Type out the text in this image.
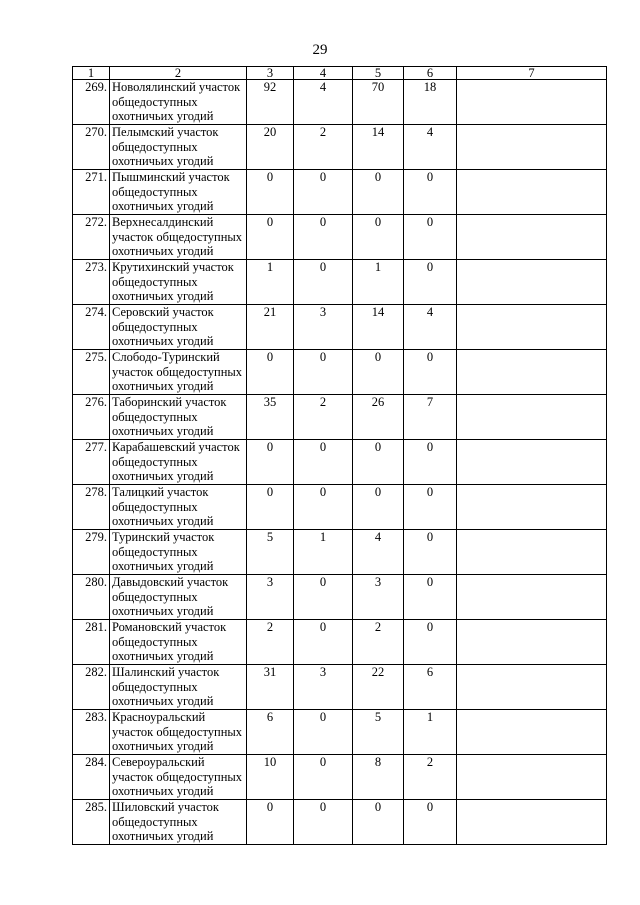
29
1	2	3	4	5	6	7
269.	Новолялинский участок общедоступных охотничьих угодий	92	4	70	18	
270.	Пелымский участок общедоступных охотничьих угодий	20	2	14	4	
271.	Пышминский участок общедоступных охотничьих угодий	0	0	0	0	
272.	Верхнесалдинский участок общедоступных охотничьих угодий	0	0	0	0	
273.	Крутихинский участок общедоступных охотничьих угодий	1	0	1	0	
274.	Серовский участок общедоступных охотничьих угодий	21	3	14	4	
275.	Слободо-Туринский участок общедоступных охотничьих угодий	0	0	0	0	
276.	Таборинский участок общедоступных охотничьих угодий	35	2	26	7	
277.	Карабашевский участок общедоступных охотничьих угодий	0	0	0	0	
278.	Талицкий участок общедоступных охотничьих угодий	0	0	0	0	
279.	Туринский участок общедоступных охотничьих угодий	5	1	4	0	
280.	Давыдовский участок общедоступных охотничьих угодий	3	0	3	0	
281.	Романовский участок общедоступных охотничьих угодий	2	0	2	0	
282.	Шалинский участок общедоступных охотничьих угодий	31	3	22	6	
283.	Красноуральский участок общедоступных охотничьих угодий	6	0	5	1	
284.	Североуральский участок общедоступных охотничьих угодий	10	0	8	2	
285.	Шиловский участок общедоступных охотничьих угодий	0	0	0	0	
